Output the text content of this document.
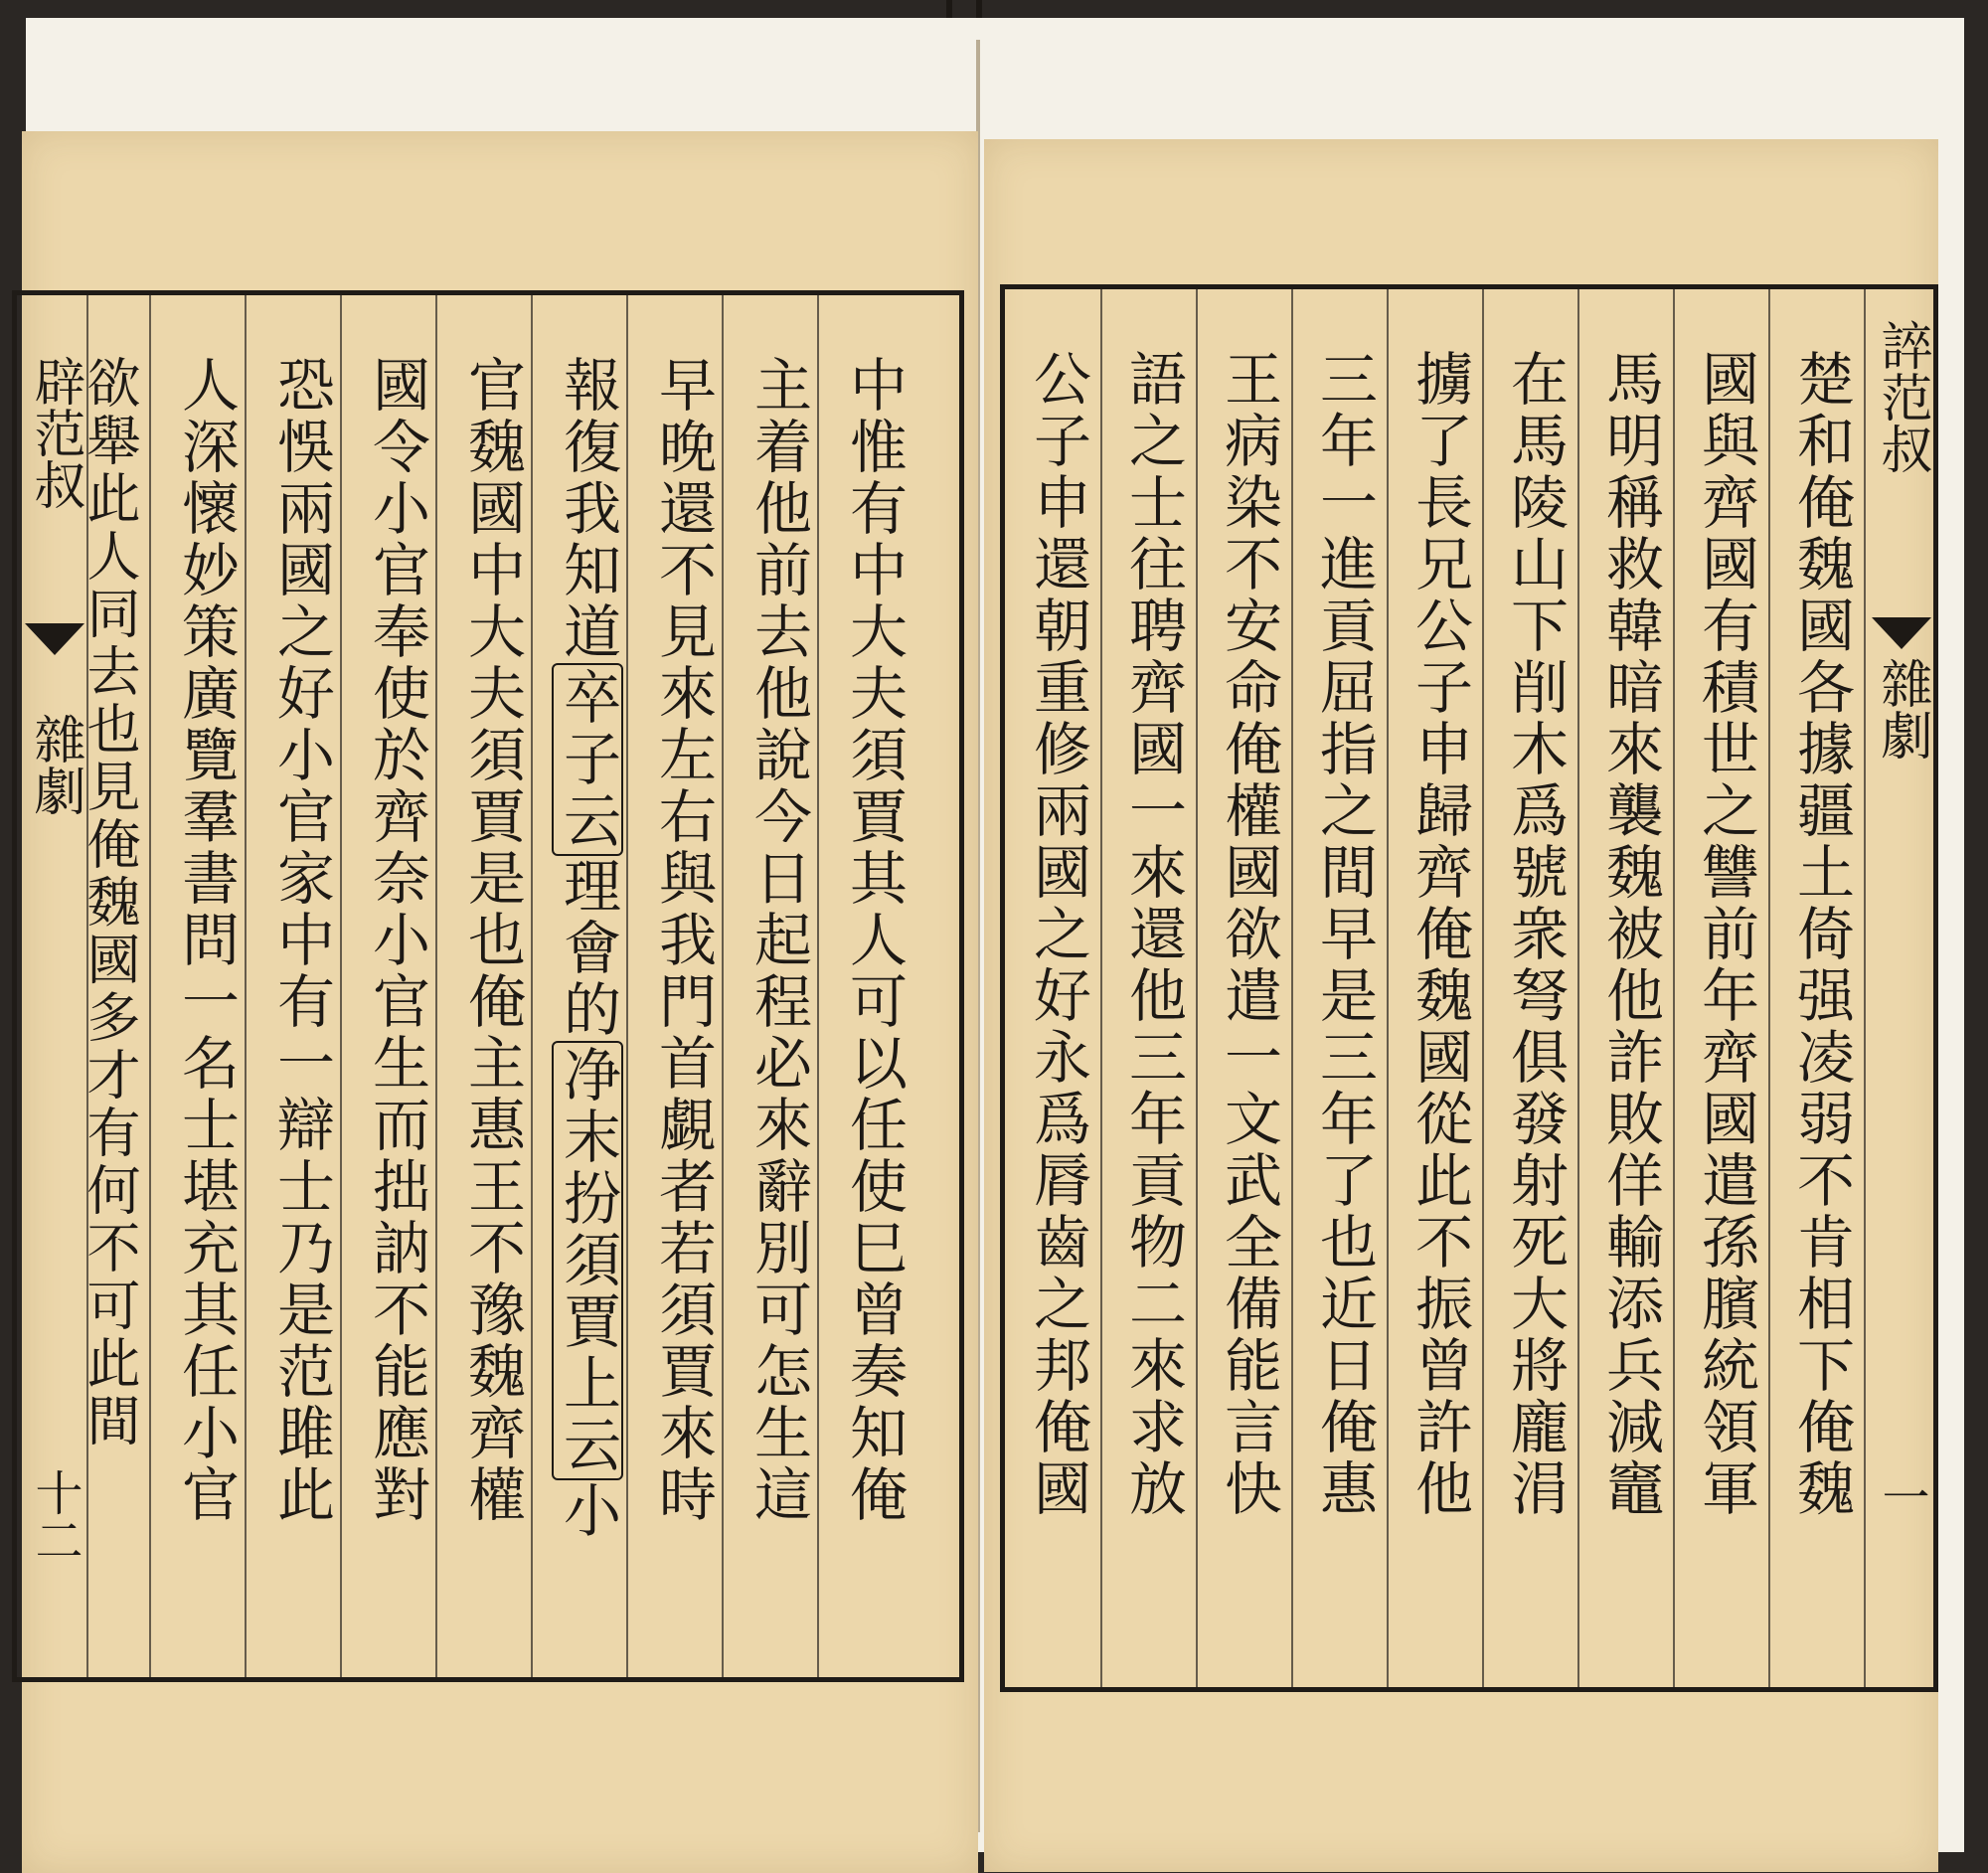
辟范叔
雜劇
十二	中惟有中大夫須賈其人可以任使巳曾奏知俺
主着他前去他說今日起程必來辭別可怎生這
早晚還不見來左右與我門首覷者若須賈來時
報復我知道卒子云理會的净末扮須賈上云小
官魏國中大夫須賈是也俺主惠王不豫魏齊權
國令小官奉使於齊奈小官生而拙訥不能應對
恐悞兩國之好小官家中有一辯士乃是范雎此
人深懷妙策廣覽羣書問一名士堪充其任小官
欲舉此人同去也見俺魏國多才有何不可此間	誶范叔
雜劇
一
楚和俺魏國各據疆土倚强凌弱不肯相下俺魏
國與齊國有積世之讐前年齊國遣孫臏統領軍
馬明稱救韓暗來襲魏被他詐敗佯輸添兵減竈
在馬陵山下削木爲號衆弩俱發射死大將龐涓
擄了長兄公子申歸齊俺魏國從此不振曾許他
三年一進貢屈指之間早是三年了也近日俺惠
王病染不安命俺權國欲遣一文武全備能言快
語之士往聘齊國一來還他三年貢物二來求放
公子申還朝重修兩國之好永爲脣齒之邦俺國
